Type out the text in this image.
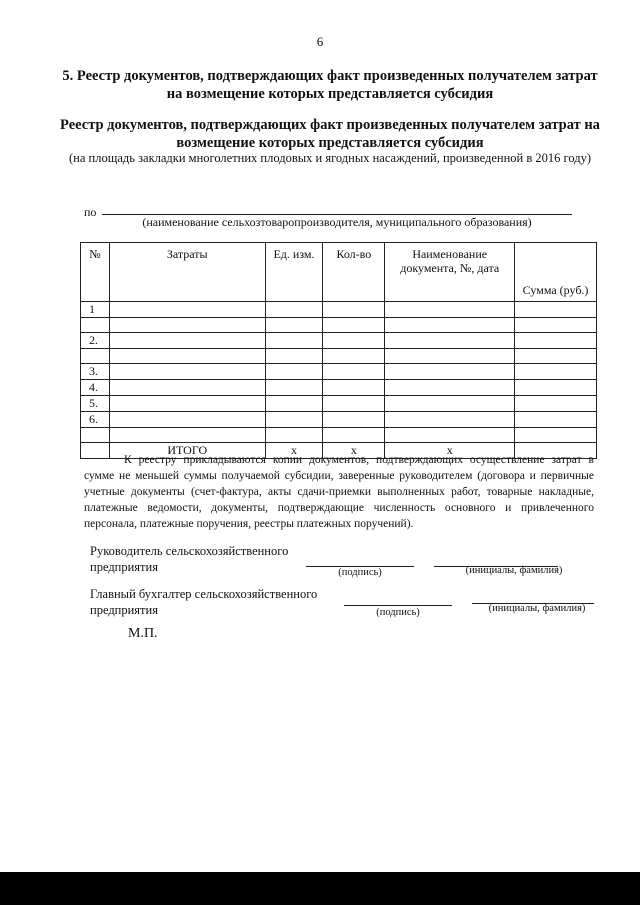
6
5. Реестр документов, подтверждающих факт произведенных получателем затрат на возмещение которых представляется субсидия
Реестр документов, подтверждающих факт произведенных получателем затрат на возмещение которых представляется субсидия
(на площадь закладки многолетних плодовых и ягодных насаждений, произведенной в 2016 году)
по
(наименование сельхозтоваропроизводителя, муниципального образования)
№	Затраты	Ед. изм.	Кол-во	Наименование документа, №, дата	Сумма (руб.)
1					

2.					

3.					
4.					
5.					
6.					

	ИТОГО	х	х	х	
К реестру прикладываются копии документов, подтверждающих осуществление затрат в сумме не меньшей суммы получаемой субсидии, заверенные руководителем (договора и первичные учетные документы (счет-фактура, акты сдачи-приемки выполненных работ, товарные накладные, платежные ведомости, документы, подтверждающие численность основного и привлеченного персонала, платежные поручения, реестры платежных поручений).
Руководитель сельскохозяйственного предприятия	(подпись)	(инициалы, фамилия)
Главный бухгалтер сельскохозяйственного предприятия	(подпись)	(инициалы, фамилия)
М.П.
